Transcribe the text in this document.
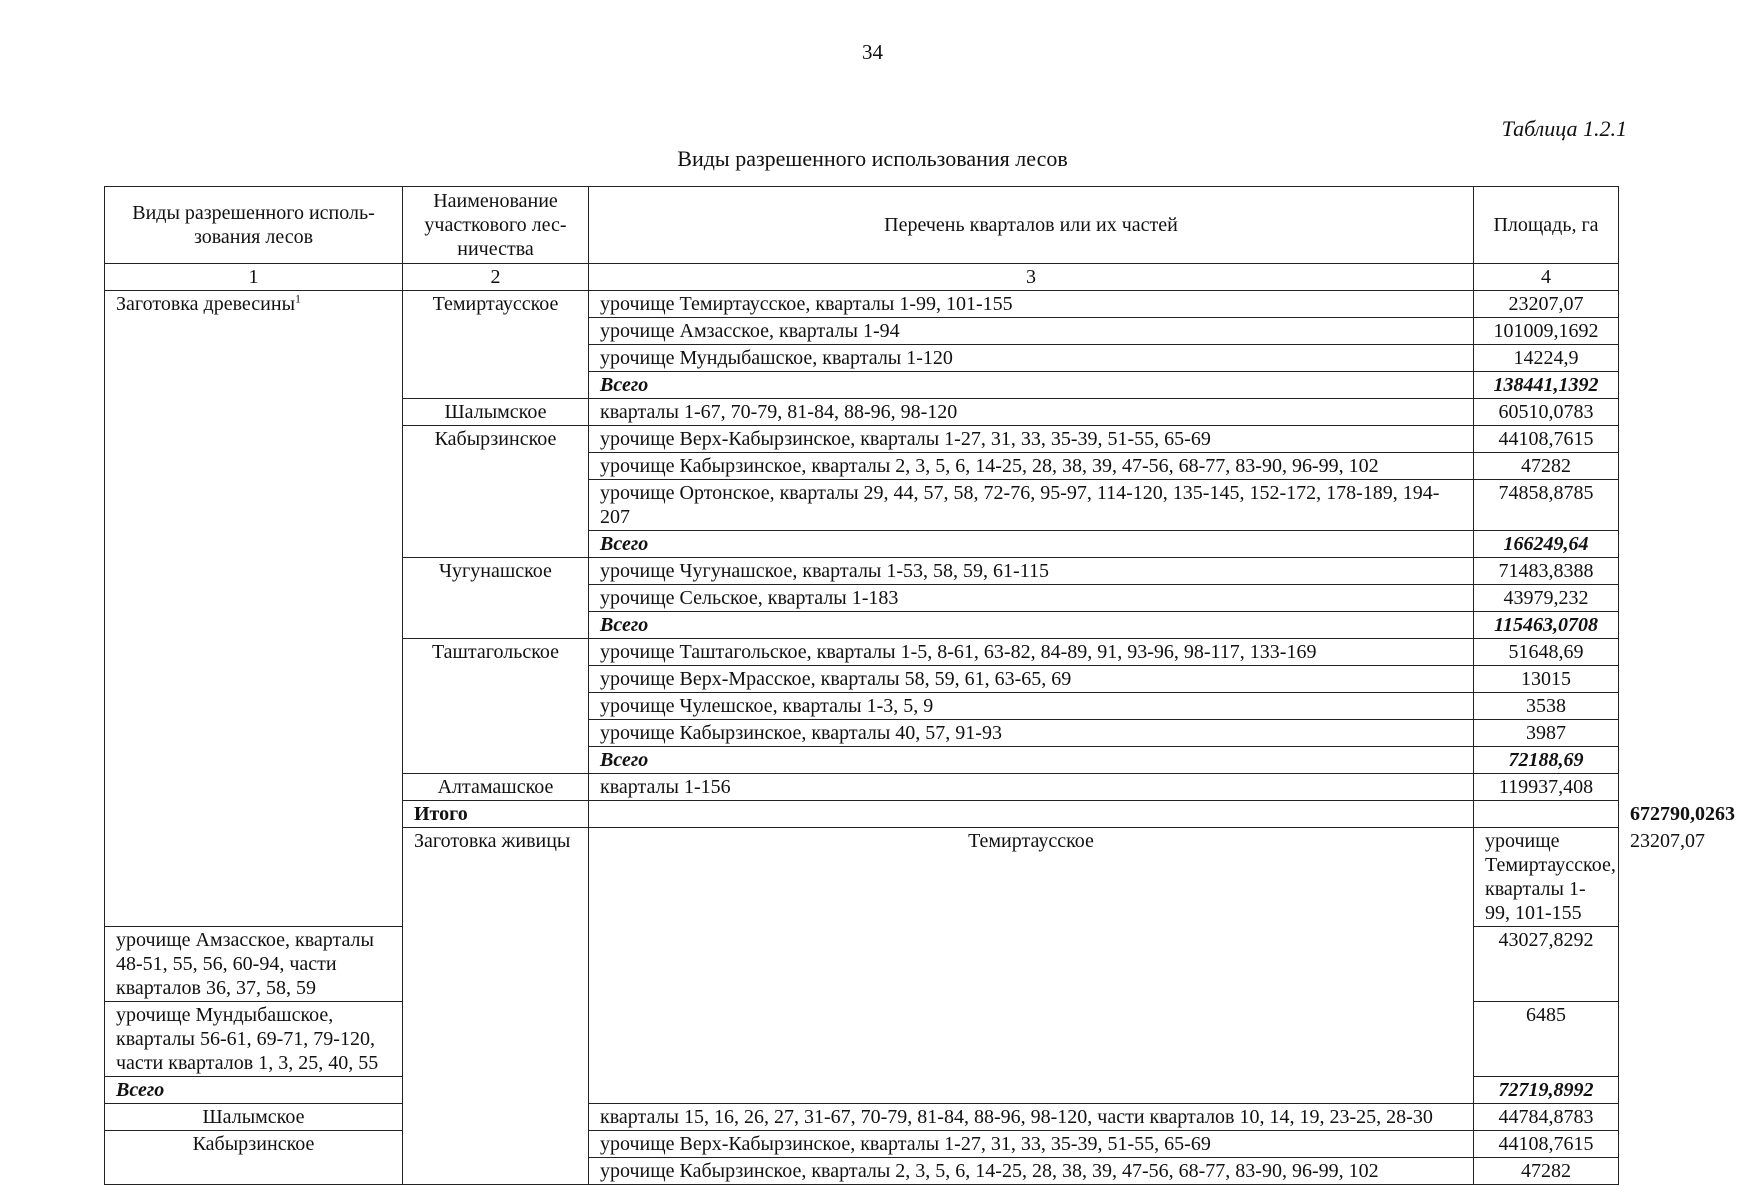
34
Таблица 1.2.1
Виды разрешенного использования лесов
Виды разрешенного исполь-зования лесов	Наименование участкового лес-ничества	Перечень кварталов или их частей	Площадь, га	
1	2	3	4	
Заготовка древесины$^1$	Темиртаусское	урочище Темиртаусское, кварталы 1-99, 101-155	23207,07	
		урочище Амзасское, кварталы 1-94	101009,1692	
		урочище Мундыбашское, кварталы 1-120	14224,9	
		Всего	138441,1392	
	Шалымское	кварталы 1-67, 70-79, 81-84, 88-96, 98-120	60510,0783	
	Кабырзинское	урочище Верх-Кабырзинское, кварталы 1-27, 31, 33, 35-39, 51-55, 65-69	44108,7615	
		урочище Кабырзинское, кварталы 2, 3, 5, 6, 14-25, 28, 38, 39, 47-56, 68-77, 83-90, 96-99, 102	47282	
		урочище Ортонское, кварталы 29, 44, 57, 58, 72-76, 95-97, 114-120, 135-145, 152-172, 178-189, 194-207	74858,8785	
		Всего	166249,64	
	Чугунашское	урочище Чугунашское, кварталы 1-53, 58, 59, 61-115	71483,8388	
		урочище Сельское, кварталы 1-183	43979,232	
		Всего	115463,0708	
	Таштагольское	урочище Таштагольское, кварталы 1-5, 8-61, 63-82, 84-89, 91, 93-96, 98-117, 133-169	51648,69	
		урочище Верх-Мрасское, кварталы 58, 59, 61, 63-65, 69	13015	
		урочище Чулешское, кварталы 1-3, 5, 9	3538	
		урочище Кабырзинское, кварталы 40, 57, 91-93	3987	
		Всего	72188,69	
	Алтамашское	кварталы 1-156	119937,408	
	Итого			672790,0263
	Заготовка живицы	Темиртаусское	урочище Темиртаусское, кварталы 1-99, 101-155	23207,07
урочище Амзасское, кварталы 48-51, 55, 56, 60-94, части кварталов 36, 37, 58, 59			43027,8292	
урочище Мундыбашское, кварталы 56-61, 69-71, 79-120, части кварталов 1, 3, 25, 40, 55			6485	
Всего			72719,8992	
Шалымское		кварталы 15, 16, 26, 27, 31-67, 70-79, 81-84, 88-96, 98-120, части кварталов 10, 14, 19, 23-25, 28-30	44784,8783	
Кабырзинское		урочище Верх-Кабырзинское, кварталы 1-27, 31, 33, 35-39, 51-55, 65-69	44108,7615	
		урочище Кабырзинское, кварталы 2, 3, 5, 6, 14-25, 28, 38, 39, 47-56, 68-77, 83-90, 96-99, 102	47282	
